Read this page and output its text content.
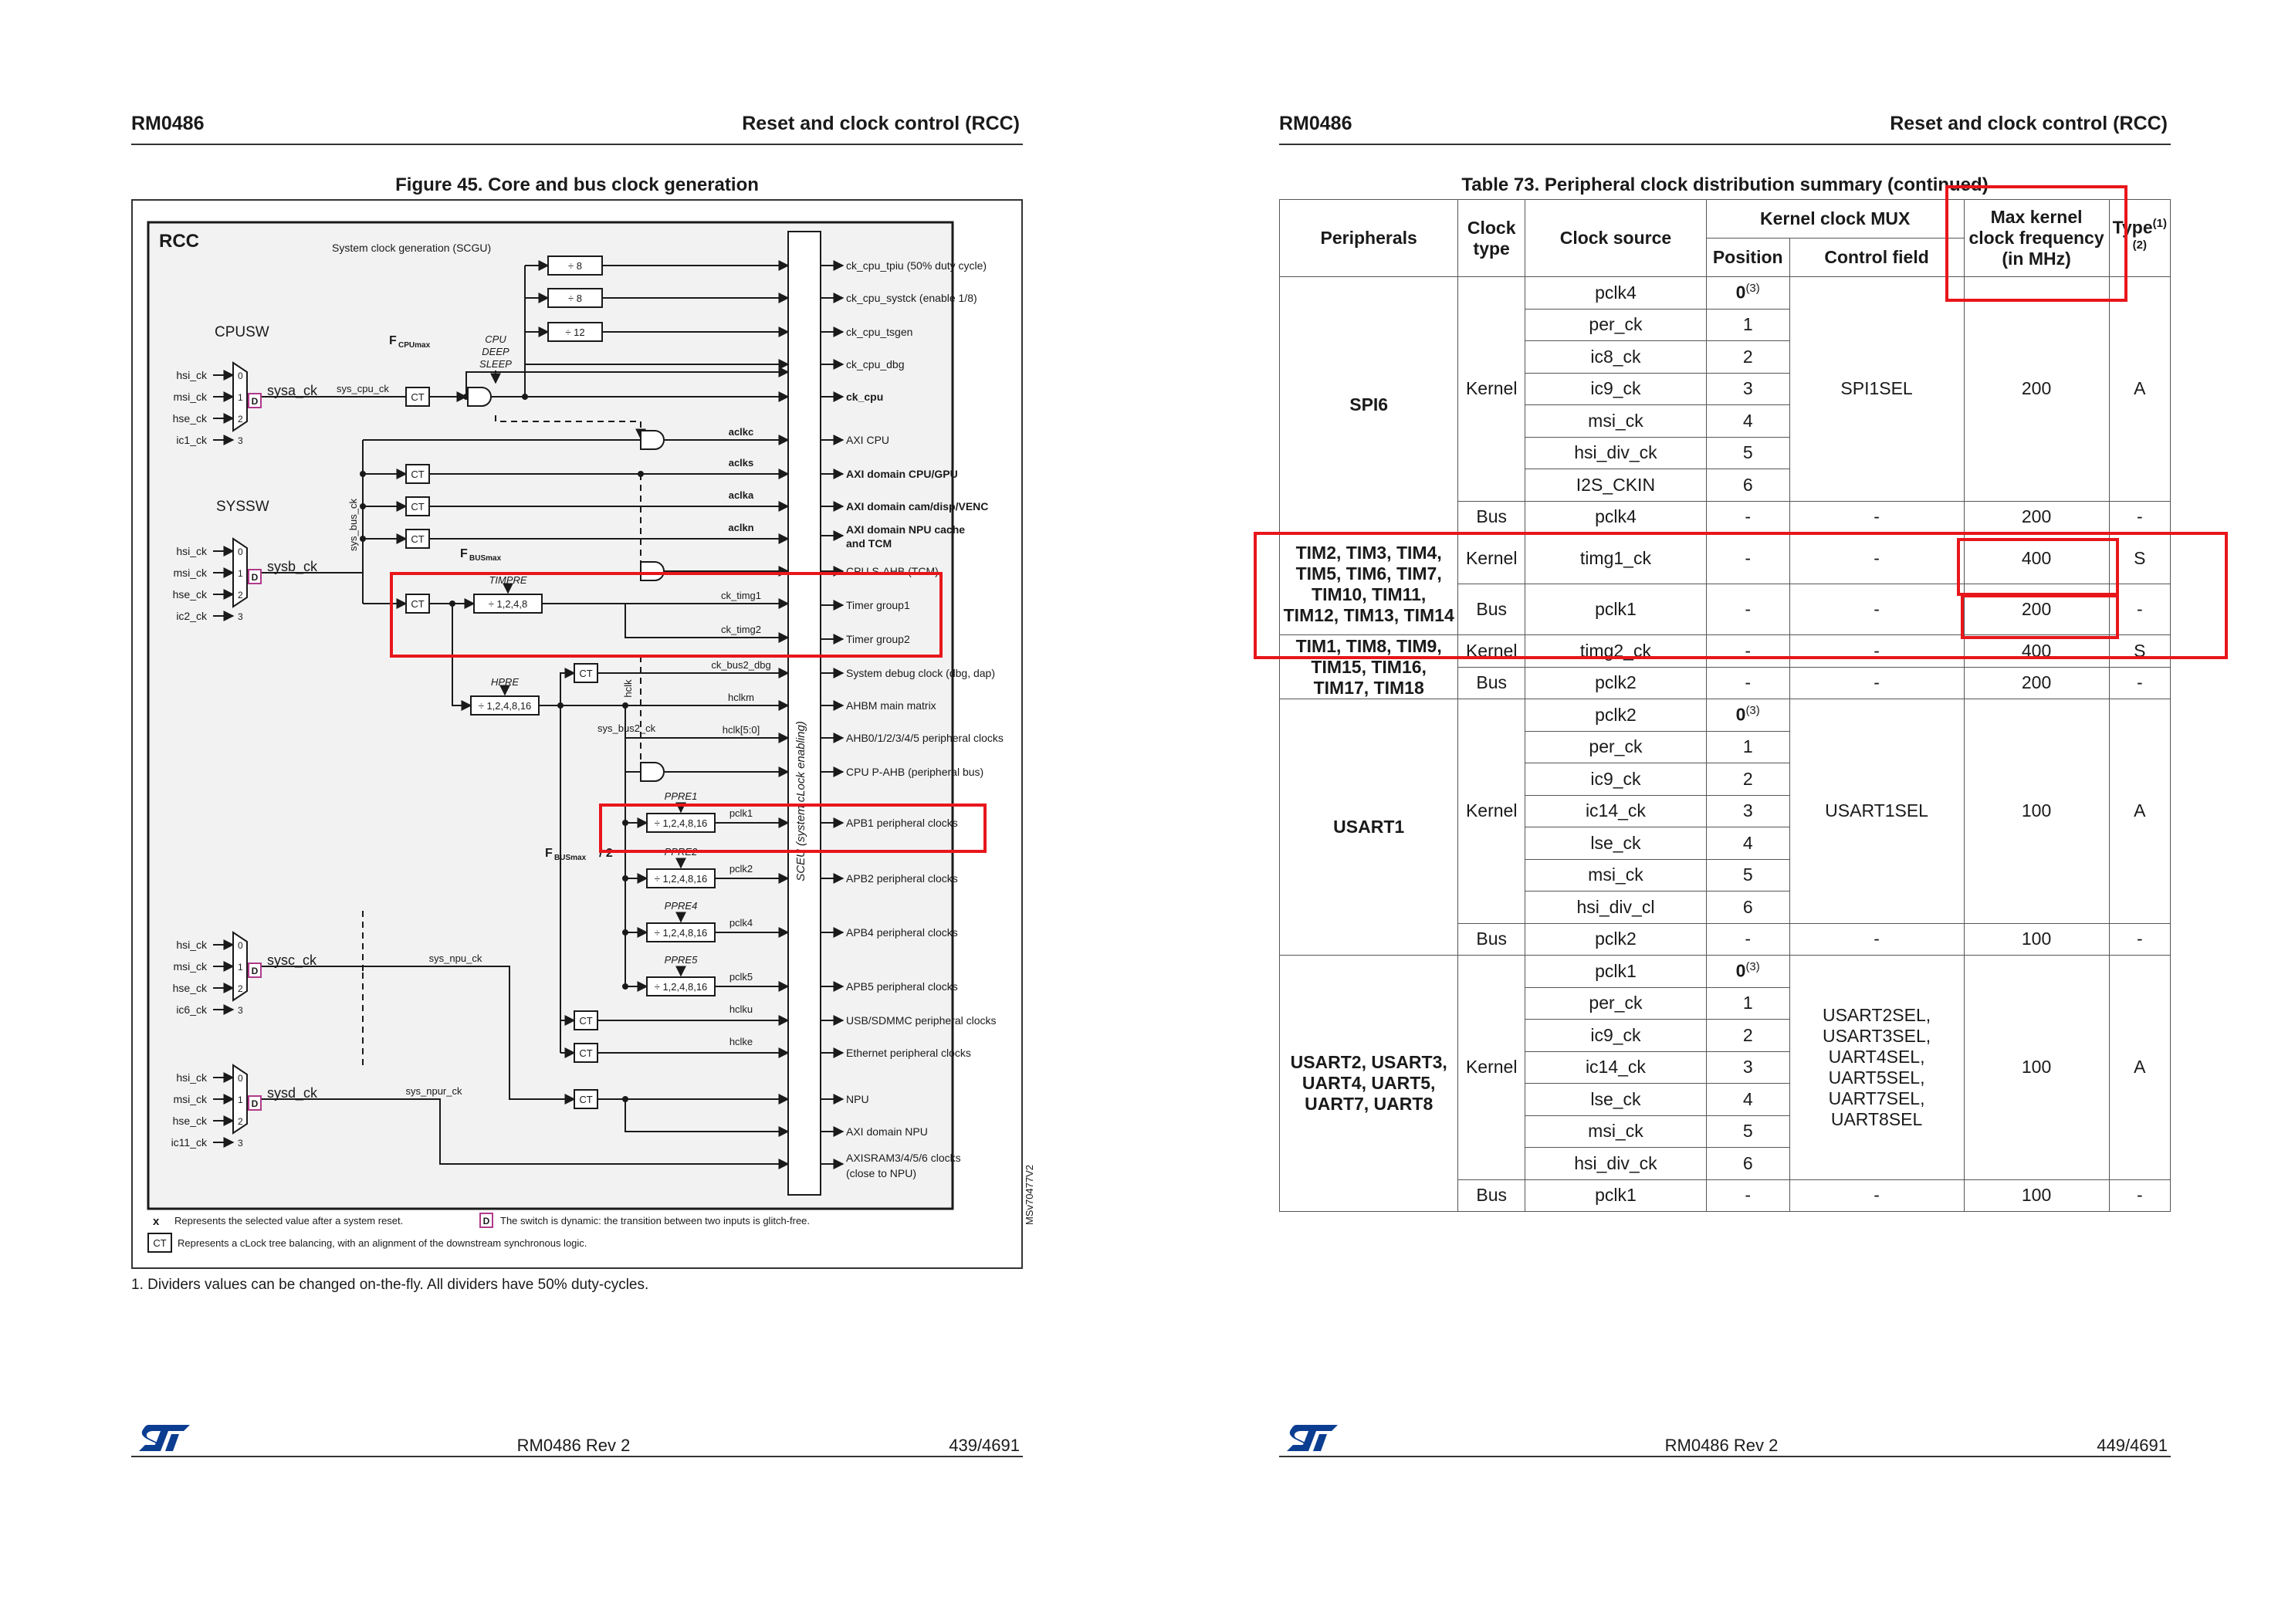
RM0486	Reset and clock control (RCC)
Figure 45. Core and bus clock generation
RCC	System clock generation (SCGU)
ck_cpu_tpiu (50% duty cycle)
ck_cpu_systck (enable 1/8)
ck_cpu_tsgen
ck_cpu_dbg
ck_cpu
AXI CPU
AXI domain CPU/GPU
AXI domain cam/disp/VENC
AXI domain NPU cache
and TCM
CPU S-AHB (TCM)
Timer group1
Timer group2
System debug clock (dbg, dap)
AHBM main matrix
AHB0/1/2/3/4/5 peripheral clocks
CPU P-AHB (peripheral bus)
APB1 peripheral clocks
APB2 peripheral clocks
APB4 peripheral clocks
APB5 peripheral clocks
USB/SDMMC peripheral clocks
Ethernet peripheral clocks
NPU
AXI domain NPU
AXISRAM3/4/5/6 clocks
(close to NPU)
SCEU (system cLock enabling)
hsi_ck	0
msi_ck	1
hse_ck	2
ic1_ck	3
D
sysa_ck
hsi_ck	0
msi_ck	1
hse_ck	2
ic2_ck	3
D
sysb_ck
hsi_ck	0
msi_ck	1
hse_ck	2
ic6_ck	3
D
sysc_ck
hsi_ck	0
msi_ck	1
hse_ck	2
ic11_ck	3
D
sysd_ck
CPUSW
SYSSW
sys_cpu_ck
CT
÷ 8
÷ 8
÷ 12
F CPUmax
CPU
DEEP
SLEEP
sys_bus_ck
aclkc
CT
aclks
CT
aclka
CT
aclkn
F BUSmax
CT	÷ 1,2,4,8
TIMPRE
ck_timg1
ck_timg2
÷ 1,2,4,8,16
HPRE
sys_bus2_ck
CT
ck_bus2_dbg
hclkm
hclk
hclk[5:0]
÷ 1,2,4,8,16
PPRE1
pclk1
÷ 1,2,4,8,16
PPRE2
pclk2
÷ 1,2,4,8,16
PPRE4
pclk4
÷ 1,2,4,8,16
PPRE5
pclk5
F BUSmax / 2
CT
hclku
CT
hclke
sys_npu_ck
CT
sys_npur_ck
x Represents the selected value after a system reset.	D The switch is dynamic: the transition between two inputs is glitch-free.
CT Represents a cLock tree balancing, with an alignment of the downstream synchronous logic.
MSv70477V2
1. Dividers values can be changed on-the-fly. All dividers have 50% duty-cycles.
RM0486 Rev 2	439/4691
RM0486	Reset and clock control (RCC)
Table 73. Peripheral clock distribution summary (continued)
Peripherals	Clock type	Clock source	Kernel clock MUX		Max kernel clock frequency (in MHz)	Type$^{(1)(2)}$
			Position	Control field		
SPI6	Kernel	pclk4	0$^{(3)}$	SPI1SEL	200	A
		per_ck	1			
		ic8_ck	2			
		ic9_ck	3			
		msi_ck	4			
		hsi_div_ck	5			
		I2S_CKIN	6			
	Bus	pclk4	-	-	200	-
TIM2, TIM3, TIM4, TIM5, TIM6, TIM7, TIM10, TIM11, TIM12, TIM13, TIM14	Kernel	timg1_ck	-	-	400	S
	Bus	pclk1	-	-	200	-
TIM1, TIM8, TIM9, TIM15, TIM16, TIM17, TIM18	Kernel	timg2_ck	-	-	400	S
	Bus	pclk2	-	-	200	-
USART1	Kernel	pclk2	0$^{(3)}$	USART1SEL	100	A
		per_ck	1			
		ic9_ck	2			
		ic14_ck	3			
		lse_ck	4			
		msi_ck	5			
		hsi_div_cl	6			
	Bus	pclk2	-	-	100	-
USART2, USART3, UART4, UART5, UART7, UART8	Kernel	pclk1	0$^{(3)}$	USART2SEL, USART3SEL, UART4SEL, UART5SEL, UART7SEL, UART8SEL	100	A
		per_ck	1			
		ic9_ck	2			
		ic14_ck	3			
		lse_ck	4			
		msi_ck	5			
		hsi_div_ck	6			
	Bus	pclk1	-	-	100	-
RM0486 Rev 2	449/4691
